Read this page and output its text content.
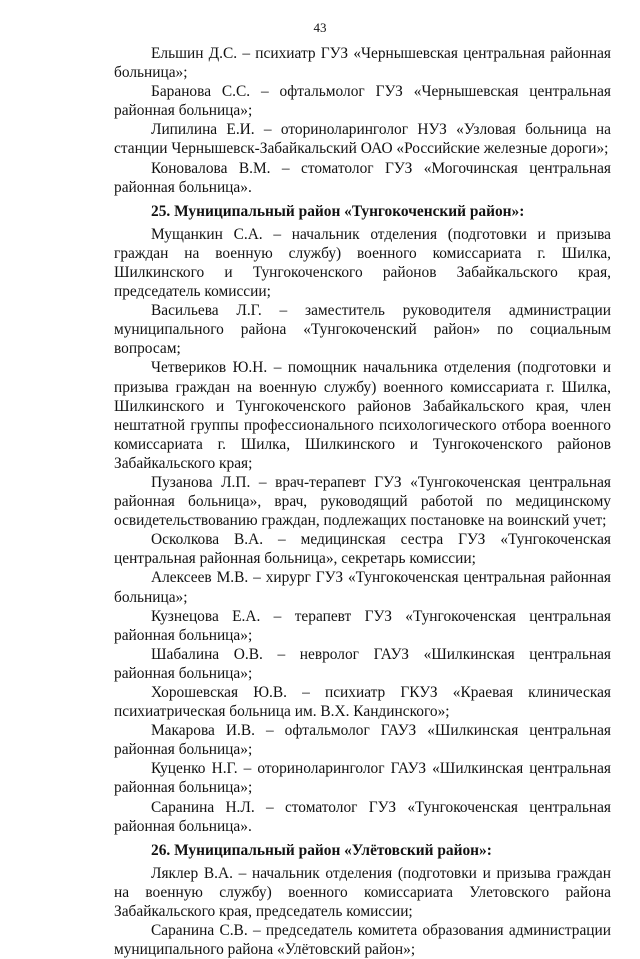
43

Ельшин Д.С. – психиатр ГУЗ «Чернышевская центральная районная больница»;

Баранова С.С. – офтальмолог ГУЗ «Чернышевская центральная районная больница»;

Липилина Е.И. – оториноларинголог НУЗ «Узловая больница на станции Чернышевск-Забайкальский ОАО «Российские железные дороги»;

Коновалова В.М. – стоматолог ГУЗ «Могочинская центральная районная больница».

25. Муниципальный район «Тунгокоченский район»:

Мущанкин С.А. – начальник отделения (подготовки и призыва граждан на военную службу) военного комиссариата г. Шилка, Шилкинского и Тунгокоченского районов Забайкальского края, председатель комиссии;

Васильева Л.Г. – заместитель руководителя администрации муниципального района «Тунгокоченский район» по социальным вопросам;

Четвериков Ю.Н. – помощник начальника отделения (подготовки и призыва граждан на военную службу) военного комиссариата г. Шилка, Шилкинского и Тунгокоченского районов Забайкальского края, член нештатной группы профессионального психологического отбора военного комиссариата г. Шилка, Шилкинского и Тунгокоченского районов Забайкальского края;

Пузанова Л.П. – врач-терапевт ГУЗ «Тунгокоченская центральная районная больница», врач, руководящий работой по медицинскому освидетельствованию граждан, подлежащих постановке на воинский учет;

Осколкова В.А. – медицинская сестра ГУЗ «Тунгокоченская центральная районная больница», секретарь комиссии;

Алексеев М.В. – хирург ГУЗ «Тунгокоченская центральная районная больница»;

Кузнецова Е.А. – терапевт ГУЗ «Тунгокоченская центральная районная больница»;

Шабалина О.В. – невролог ГАУЗ «Шилкинская центральная районная больница»;

Хорошевская Ю.В. – психиатр ГКУЗ «Краевая клиническая психиатрическая больница им. В.Х. Кандинского»;

Макарова И.В. – офтальмолог ГАУЗ «Шилкинская центральная районная больница»;

Куценко Н.Г. – оториноларинголог ГАУЗ «Шилкинская центральная районная больница»;

Саранина Н.Л. – стоматолог ГУЗ «Тунгокоченская центральная районная больница».

26. Муниципальный район «Улётовский район»:

Ляклер В.А. – начальник отделения (подготовки и призыва граждан на военную службу) военного комиссариата Улетовского района Забайкальского края, председатель комиссии;

Саранина С.В. – председатель комитета образования администрации муниципального района «Улётовский район»;
